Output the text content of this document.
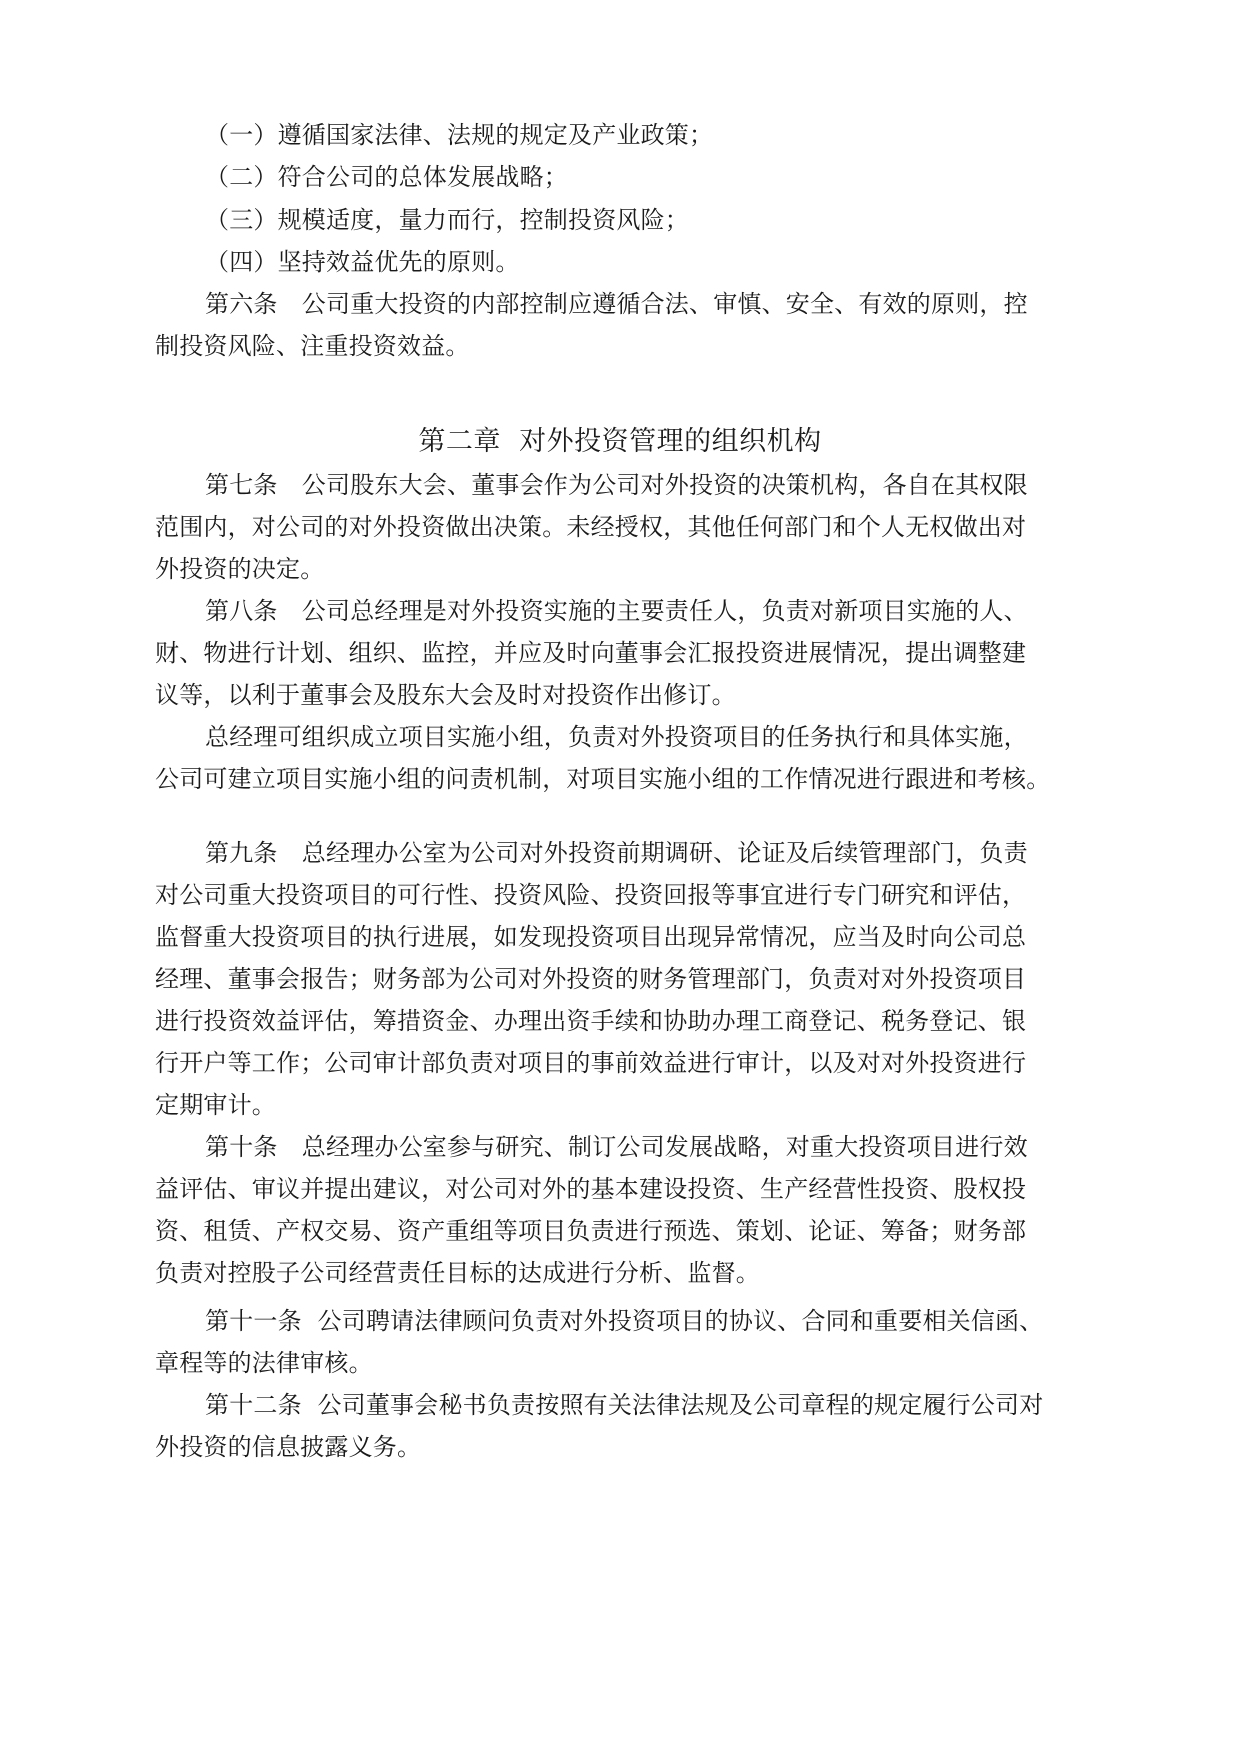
（一）遵循国家法律、法规的规定及产业政策；
（二）符合公司的总体发展战略；
（三）规模适度，量力而行，控制投资风险；
（四）坚持效益优先的原则。
第六条　公司重大投资的内部控制应遵循合法、审慎、安全、有效的原则，控
制投资风险、注重投资效益。
第二章  对外投资管理的组织机构
第七条　公司股东大会、董事会作为公司对外投资的决策机构，各自在其权限
范围内，对公司的对外投资做出决策。未经授权，其他任何部门和个人无权做出对
外投资的决定。
第八条　公司总经理是对外投资实施的主要责任人，负责对新项目实施的人、
财、物进行计划、组织、监控，并应及时向董事会汇报投资进展情况，提出调整建
议等，以利于董事会及股东大会及时对投资作出修订。
总经理可组织成立项目实施小组，负责对外投资项目的任务执行和具体实施，
公司可建立项目实施小组的问责机制，对项目实施小组的工作情况进行跟进和考核。
第九条　总经理办公室为公司对外投资前期调研、论证及后续管理部门，负责
对公司重大投资项目的可行性、投资风险、投资回报等事宜进行专门研究和评估，
监督重大投资项目的执行进展，如发现投资项目出现异常情况，应当及时向公司总
经理、董事会报告；财务部为公司对外投资的财务管理部门，负责对对外投资项目
进行投资效益评估，筹措资金、办理出资手续和协助办理工商登记、税务登记、银
行开户等工作；公司审计部负责对项目的事前效益进行审计，以及对对外投资进行
定期审计。
第十条　总经理办公室参与研究、制订公司发展战略，对重大投资项目进行效
益评估、审议并提出建议，对公司对外的基本建设投资、生产经营性投资、股权投
资、租赁、产权交易、资产重组等项目负责进行预选、策划、论证、筹备；财务部
负责对控股子公司经营责任目标的达成进行分析、监督。
第十一条  公司聘请法律顾问负责对外投资项目的协议、合同和重要相关信函、
章程等的法律审核。
第十二条  公司董事会秘书负责按照有关法律法规及公司章程的规定履行公司对
外投资的信息披露义务。
